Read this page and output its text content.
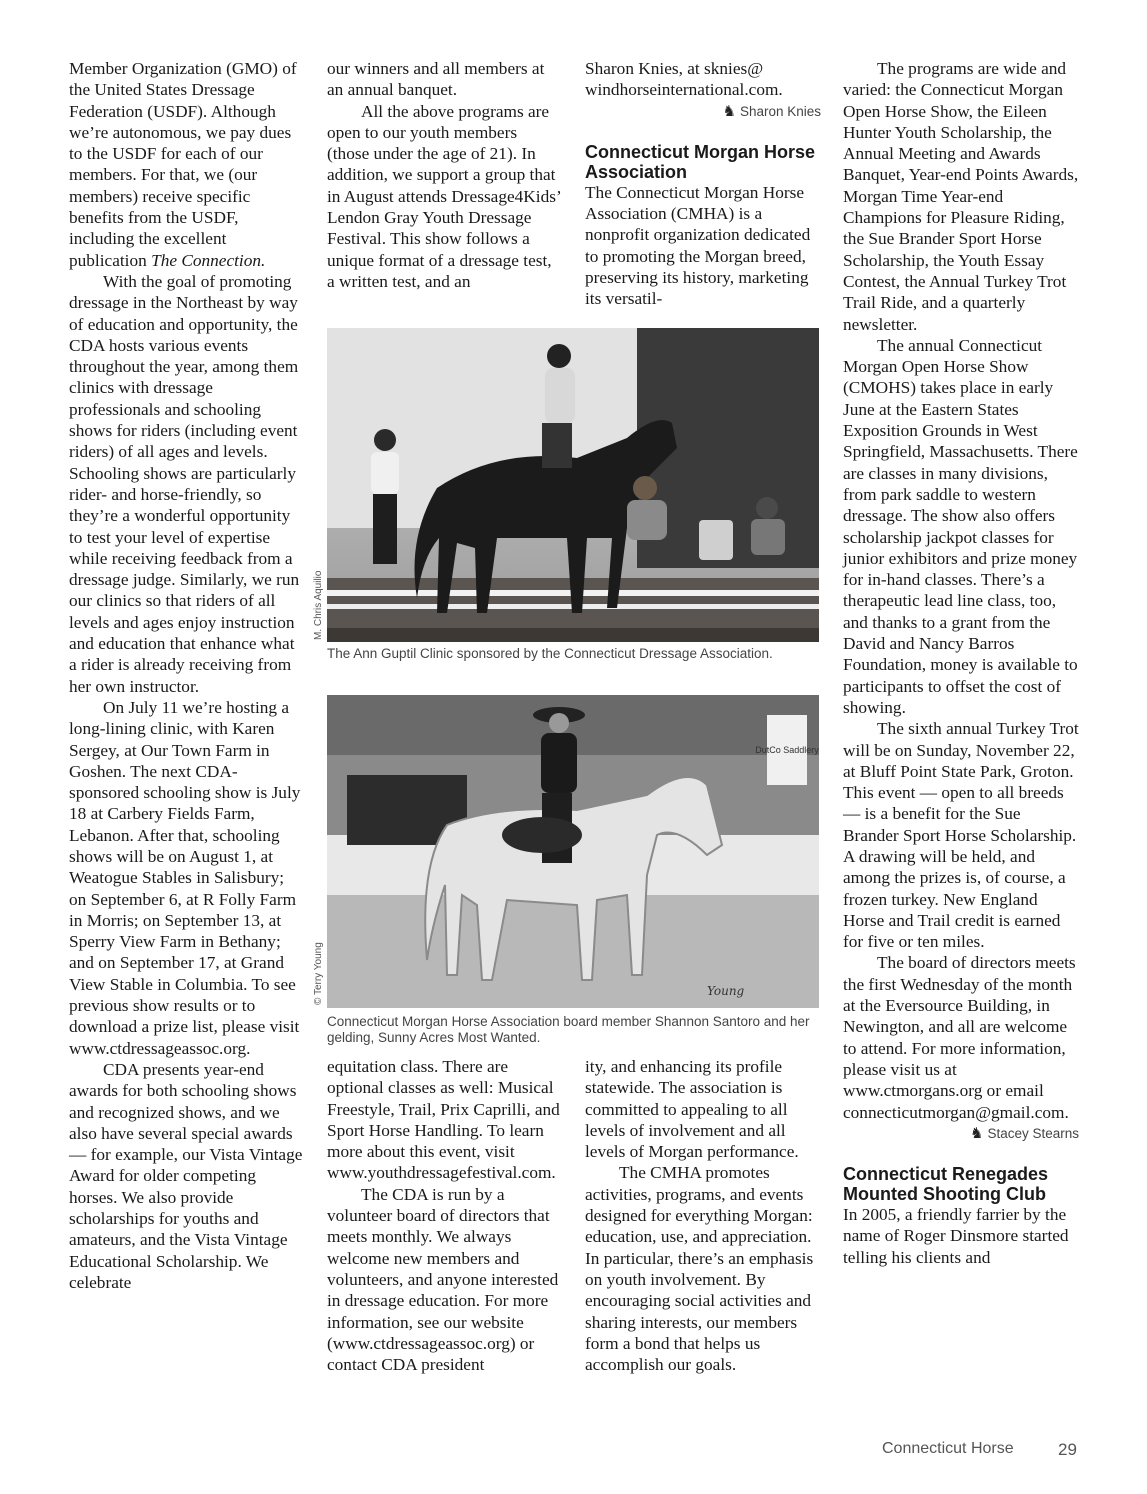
Member Organization (GMO) of the United States Dressage Federation (USDF). Although we’re autonomous, we pay dues to the USDF for each of our members. For that, we (our members) receive specific benefits from the USDF, including the excellent publication The Connection.

With the goal of promoting dressage in the Northeast by way of education and opportunity, the CDA hosts various events throughout the year, among them clinics with dressage professionals and schooling shows for riders (including event riders) of all ages and levels. Schooling shows are particularly rider- and horse-friendly, so they’re a wonderful opportunity to test your level of expertise while receiving feedback from a dressage judge. Similarly, we run our clinics so that riders of all levels and ages enjoy instruction and education that enhance what a rider is already receiving from her own instructor.

On July 11 we’re hosting a long-lining clinic, with Karen Sergey, at Our Town Farm in Goshen. The next CDA-sponsored schooling show is July 18 at Carbery Fields Farm, Lebanon. After that, schooling shows will be on August 1, at Weatogue Stables in Salisbury; on September 6, at R Folly Farm in Morris; on September 13, at Sperry View Farm in Bethany; and on September 17, at Grand View Stable in Columbia. To see previous show results or to download a prize list, please visit www.ctdressageassoc.org.

CDA presents year-end awards for both schooling shows and recognized shows, and we also have several special awards — for example, our Vista Vintage Award for older competing horses. We also provide scholarships for youths and amateurs, and the Vista Vintage Educational Scholarship. We celebrate

our winners and all members at an annual banquet.

All the above programs are open to our youth members (those under the age of 21). In addition, we support a group that in August attends Dressage4Kids’ Lendon Gray Youth Dressage Festival. This show follows a unique format of a dressage test, a written test, and an

Sharon Knies, at sknies@ windhorseinternational.com.

♞ Sharon Knies
Connecticut Morgan Horse Association

The Connecticut Morgan Horse Association (CMHA) is a nonprofit organization dedicated to promoting the Morgan breed, preserving its history, marketing its versatil-

M. Chris Aquilio
The Ann Guptil Clinic sponsored by the Connecticut Dressage Association.
© Terry Young
DutCo Saddlery
Young
Connecticut Morgan Horse Association board member Shannon Santoro and her gelding, Sunny Acres Most Wanted.

equitation class. There are optional classes as well: Musical Freestyle, Trail, Prix Caprilli, and Sport Horse Handling. To learn more about this event, visit www.youthdressagefestival.com.

The CDA is run by a volunteer board of directors that meets monthly. We always welcome new members and volunteers, and anyone interested in dressage education. For more information, see our website (www.ctdressageassoc.org) or contact CDA president

ity, and enhancing its profile statewide. The association is committed to appealing to all levels of involvement and all levels of Morgan performance.

The CMHA promotes activities, programs, and events designed for everything Morgan: education, use, and appreciation. In particular, there’s an emphasis on youth involvement. By encouraging social activities and sharing interests, our members form a bond that helps us accomplish our goals.

The programs are wide and varied: the Connecticut Morgan Open Horse Show, the Eileen Hunter Youth Scholarship, the Annual Meeting and Awards Banquet, Year-end Points Awards, Morgan Time Year-end Champions for Pleasure Riding, the Sue Brander Sport Horse Scholarship, the Youth Essay Contest, the Annual Turkey Trot Trail Ride, and a quarterly newsletter.

The annual Connecticut Morgan Open Horse Show (CMOHS) takes place in early June at the Eastern States Exposition Grounds in West Springfield, Massachusetts. There are classes in many divisions, from park saddle to western dressage. The show also offers scholarship jackpot classes for junior exhibitors and prize money for in-hand classes. There’s a therapeutic lead line class, too, and thanks to a grant from the David and Nancy Barros Foundation, money is available to participants to offset the cost of showing.

The sixth annual Turkey Trot will be on Sunday, November 22, at Bluff Point State Park, Groton. This event — open to all breeds — is a benefit for the Sue Brander Sport Horse Scholarship. A drawing will be held, and among the prizes is, of course, a frozen turkey. New England Horse and Trail credit is earned for five or ten miles.

The board of directors meets the first Wednesday of the month at the Eversource Building, in Newington, and all are welcome to attend. For more information, please visit us at www.ctmorgans.org or email connecticutmorgan@gmail.com.

♞ Stacey Stearns
Connecticut Renegades Mounted Shooting Club

In 2005, a friendly farrier by the name of Roger Dinsmore started telling his clients and

Connecticut Horse	29
